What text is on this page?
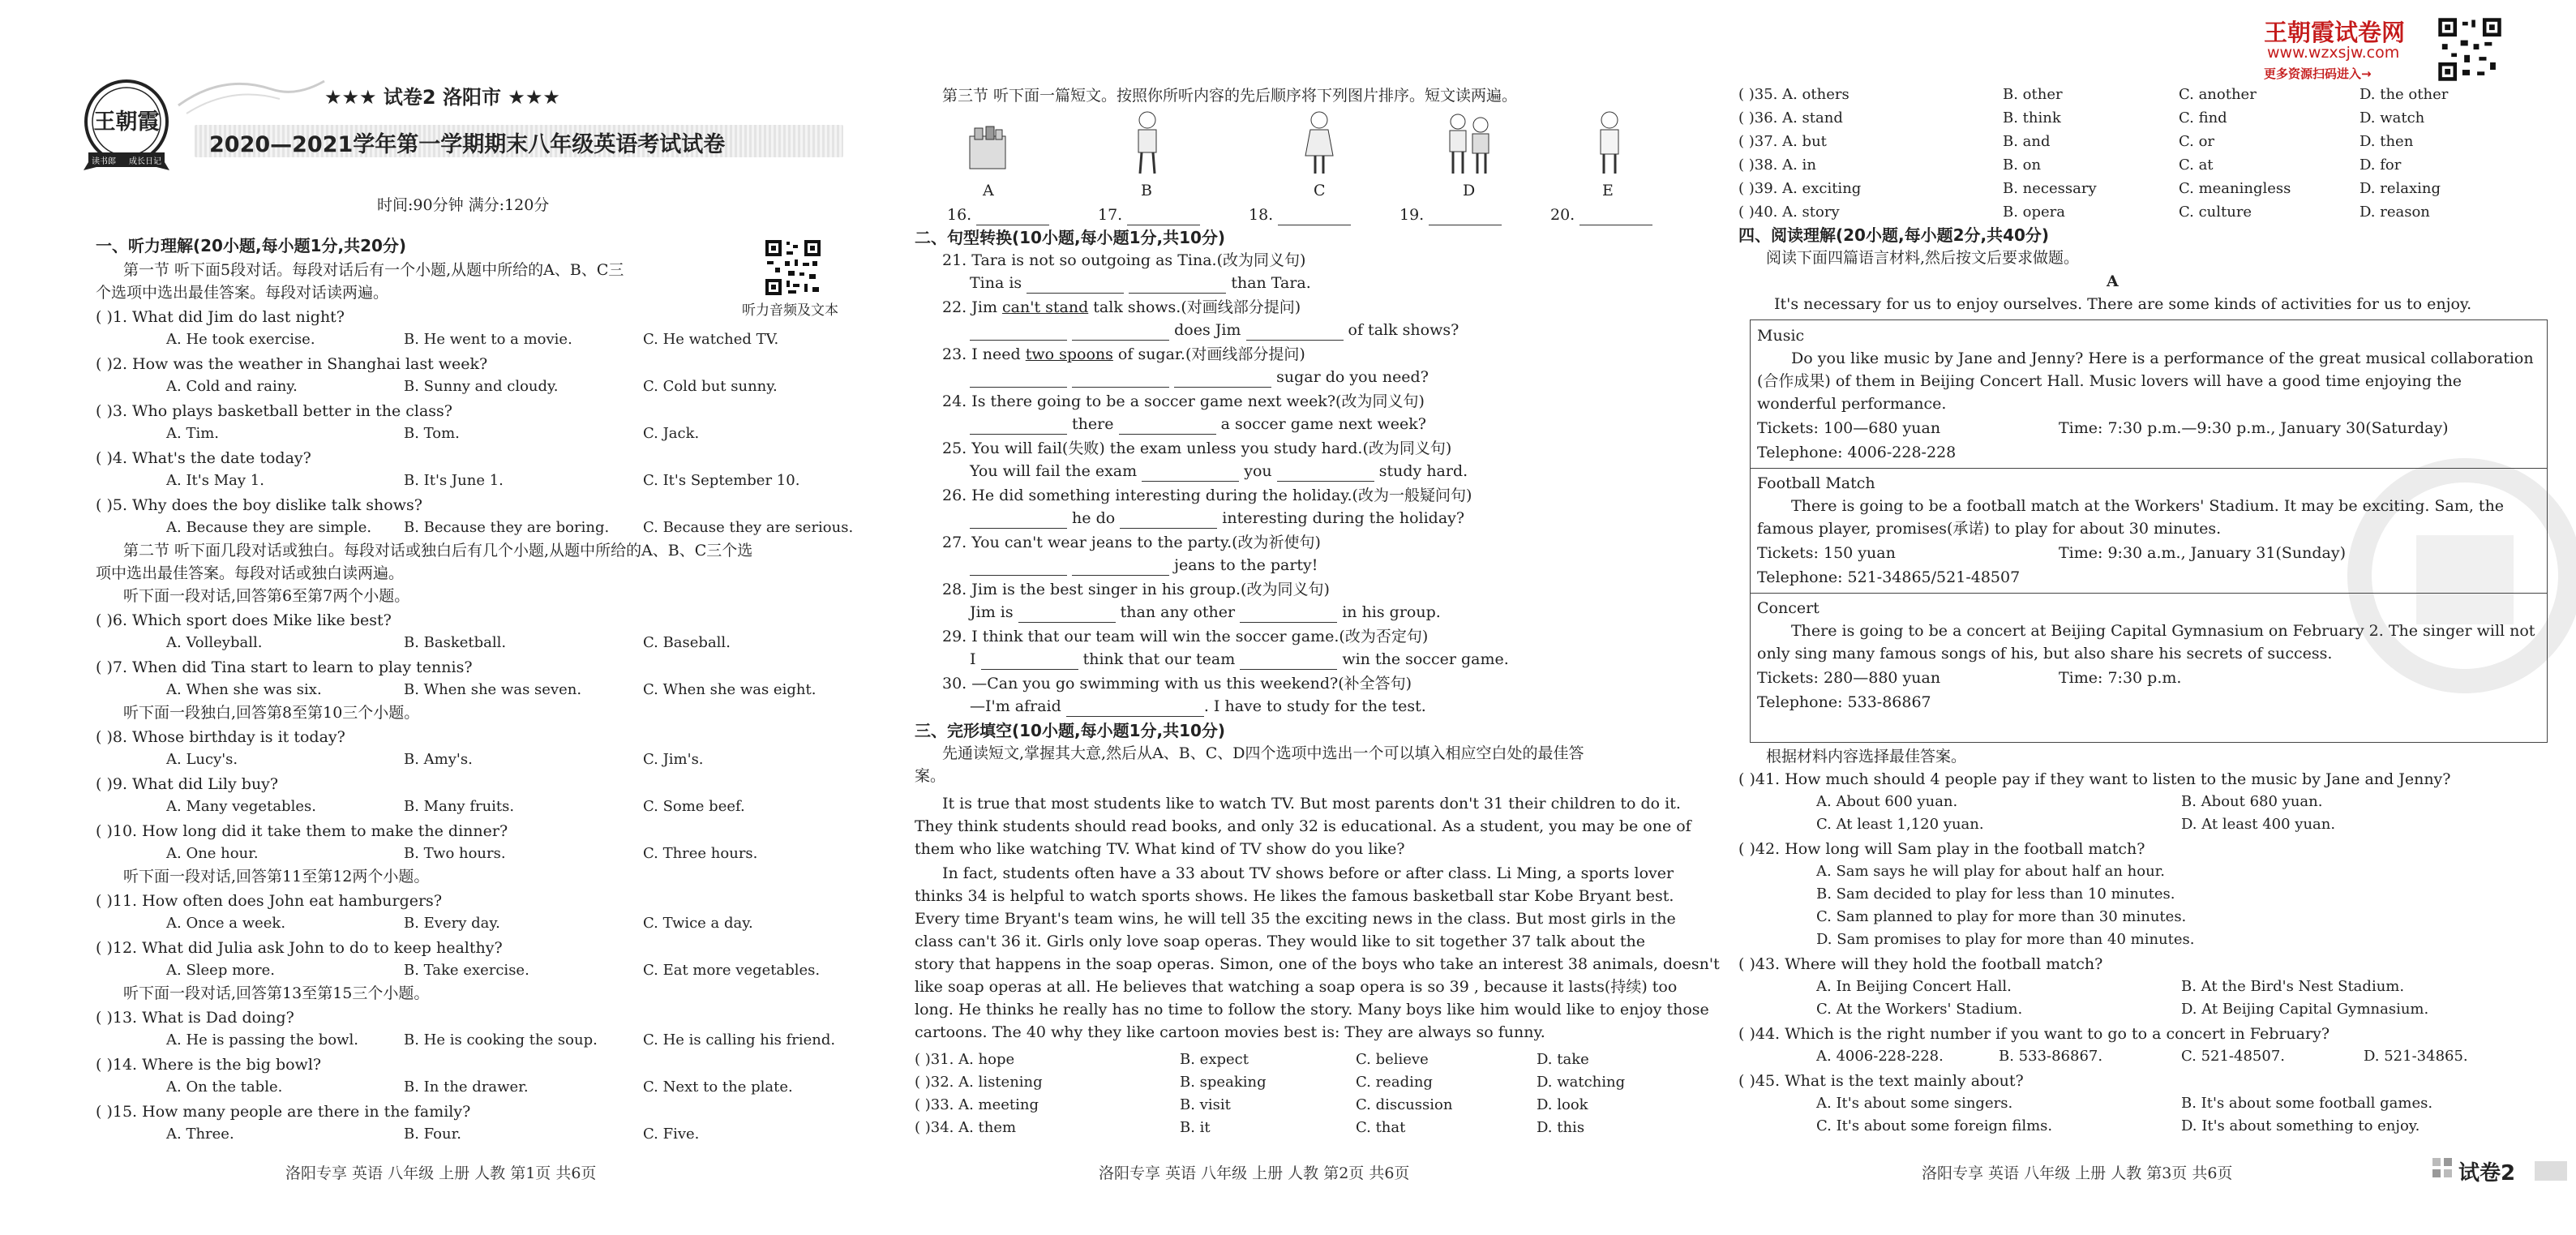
王朝霞
读书郎 成长日记
★★★ 试卷2 洛阳市 ★★★
2020—2021学年第一学期期末八年级英语考试试卷
时间:90分钟 满分:120分
听力音频及文本
一、听力理解(20小题,每小题1分,共20分)
第一节 听下面5段对话。每段对话后有一个小题,从题中所给的A、B、C三
个选项中选出最佳答案。每段对话读两遍。
( )1. What did Jim do last night?
A. He took exercise.	B. He went to a movie.	C. He watched TV.
( )2. How was the weather in Shanghai last week?
A. Cold and rainy.	B. Sunny and cloudy.	C. Cold but sunny.
( )3. Who plays basketball better in the class?
A. Tim.	B. Tom.	C. Jack.
( )4. What's the date today?
A. It's May 1.	B. It's June 1.	C. It's September 10.
( )5. Why does the boy dislike talk shows?
A. Because they are simple. B. Because they are boring. C. Because they are serious.
第二节 听下面几段对话或独白。每段对话或独白后有几个小题,从题中所给的A、B、C三个选
项中选出最佳答案。每段对话或独白读两遍。
听下面一段对话,回答第6至第7两个小题。
( )6. Which sport does Mike like best?
A. Volleyball.	B. Basketball.	C. Baseball.
( )7. When did Tina start to learn to play tennis?
A. When she was six.	B. When she was seven.	C. When she was eight.
听下面一段独白,回答第8至第10三个小题。
( )8. Whose birthday is it today?
A. Lucy's.	B. Amy's.	C. Jim's.
( )9. What did Lily buy?
A. Many vegetables.	B. Many fruits.	C. Some beef.
( )10. How long did it take them to make the dinner?
A. One hour.	B. Two hours.	C. Three hours.
听下面一段对话,回答第11至第12两个小题。
( )11. How often does John eat hamburgers?
A. Once a week.	B. Every day.	C. Twice a day.
( )12. What did Julia ask John to do to keep healthy?
A. Sleep more.	B. Take exercise.	C. Eat more vegetables.
听下面一段对话,回答第13至第15三个小题。
( )13. What is Dad doing?
A. He is passing the bowl.	B. He is cooking the soup.	C. He is calling his friend.
( )14. Where is the big bowl?
A. On the table.	B. In the drawer.	C. Next to the plate.
( )15. How many people are there in the family?
A. Three.	B. Four.	C. Five.
洛阳专享 英语 八年级 上册 人教 第1页 共6页
第三节 听下面一篇短文。按照你所听内容的先后顺序将下列图片排序。短文读两遍。
A	B	C	D	E
16.	17.	18.	19.	20.
二、句型转换(10小题,每小题1分,共10分)
21. Tara is not so outgoing as Tina.(改为同义句)
Tina is	than Tara.
22. Jim can't stand talk shows.(对画线部分提问)
does Jim	of talk shows?
23. I need two spoons of sugar.(对画线部分提问)
sugar do you need?
24. Is there going to be a soccer game next week?(改为同义句)
there	a soccer game next week?
25. You will fail(失败) the exam unless you study hard.(改为同义句)
You will fail the exam	you	study hard.
26. He did something interesting during the holiday.(改为一般疑问句)
he do	interesting during the holiday?
27. You can't wear jeans to the party.(改为祈使句)
jeans to the party!
28. Jim is the best singer in his group.(改为同义句)
Jim is	than any other	in his group.
29. I think that our team will win the soccer game.(改为否定句)
I	think that our team	win the soccer game.
30. —Can you go swimming with us this weekend?(补全答句)
—I'm afraid	. I have to study for the test.
三、完形填空(10小题,每小题1分,共10分)
先通读短文,掌握其大意,然后从A、B、C、D四个选项中选出一个可以填入相应空白处的最佳答
案。
It is true that most students like to watch TV. But most parents don't 31 their children to do it.
They think students should read books, and only 32 is educational. As a student, you may be one of
them who like watching TV. What kind of TV show do you like?
In fact, students often have a 33 about TV shows before or after class. Li Ming, a sports lover
thinks 34 is helpful to watch sports shows. He likes the famous basketball star Kobe Bryant best.
Every time Bryant's team wins, he will tell 35 the exciting news in the class. But most girls in the
class can't 36 it. Girls only love soap operas. They would like to sit together 37 talk about the
story that happens in the soap operas. Simon, one of the boys who take an interest 38 animals, doesn't
like soap operas at all. He believes that watching a soap opera is so 39 , because it lasts(持续) too
long. He thinks he really has no time to follow the story. Many boys like him would like to enjoy those
cartoons. The 40 why they like cartoon movies best is: They are always so funny.
( )31. A. hope	B. expect	C. believe	D. take
( )32. A. listening	B. speaking	C. reading	D. watching
( )33. A. meeting	B. visit	C. discussion	D. look
( )34. A. them	B. it	C. that	D. this
洛阳专享 英语 八年级 上册 人教 第2页 共6页
王朝霞试卷网
www.wzxsjw.com
更多资源扫码进入→
( )35. A. others	B. other	C. another	D. the other
( )36. A. stand	B. think	C. find	D. watch
( )37. A. but	B. and	C. or	D. then
( )38. A. in	B. on	C. at	D. for
( )39. A. exciting	B. necessary	C. meaningless	D. relaxing
( )40. A. story	B. opera	C. culture	D. reason
四、阅读理解(20小题,每小题2分,共40分)
阅读下面四篇语言材料,然后按文后要求做题。
A
It's necessary for us to enjoy ourselves. There are some kinds of activities for us to enjoy.
Music
Do you like music by Jane and Jenny? Here is a performance of the great musical collaboration
(合作成果) of them in Beijing Concert Hall. Music lovers will have a good time enjoying the
wonderful performance.
Tickets: 100—680 yuan	Time: 7:30 p.m.—9:30 p.m., January 30(Saturday)
Telephone: 4006-228-228
Football Match
There is going to be a football match at the Workers' Stadium. It may be exciting. Sam, the
famous player, promises(承诺) to play for about 30 minutes.
Tickets: 150 yuan	Time: 9:30 a.m., January 31(Sunday)
Telephone: 521-34865/521-48507
Concert
There is going to be a concert at Beijing Capital Gymnasium on February 2. The singer will not
only sing many famous songs of his, but also share his secrets of success.
Tickets: 280—880 yuan	Time: 7:30 p.m.
Telephone: 533-86867
根据材料内容选择最佳答案。
( )41. How much should 4 people pay if they want to listen to the music by Jane and Jenny?
A. About 600 yuan.	B. About 680 yuan.
C. At least 1,120 yuan.	D. At least 400 yuan.
( )42. How long will Sam play in the football match?
A. Sam says he will play for about half an hour.
B. Sam decided to play for less than 10 minutes.
C. Sam planned to play for more than 30 minutes.
D. Sam promises to play for more than 40 minutes.
( )43. Where will they hold the football match?
A. In Beijing Concert Hall.	B. At the Bird's Nest Stadium.
C. At the Workers' Stadium.	D. At Beijing Capital Gymnasium.
( )44. Which is the right number if you want to go to a concert in February?
A. 4006-228-228.	B. 533-86867.	C. 521-48507.	D. 521-34865.
( )45. What is the text mainly about?
A. It's about some singers.	B. It's about some football games.
C. It's about some foreign films.	D. It's about something to enjoy.
洛阳专享 英语 八年级 上册 人教 第3页 共6页	试卷2
